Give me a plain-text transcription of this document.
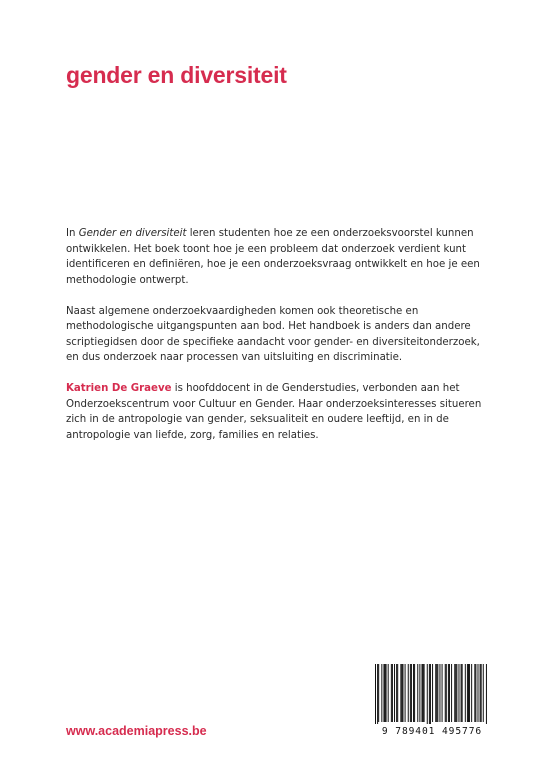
gender en diversiteit

In Gender en diversiteit leren studenten hoe ze een onderzoeksvoorstel kunnen ontwikkelen. Het boek toont hoe je een probleem dat onderzoek verdient kunt identificeren en definiëren, hoe je een onderzoeksvraag ontwikkelt en hoe je een methodologie ontwerpt.

Naast algemene onderzoekvaardigheden komen ook theoretische en methodologische uitgangspunten aan bod. Het handboek is anders dan andere scriptiegidsen door de specifieke aandacht voor gender- en diversiteitonderzoek, en dus onderzoek naar processen van uitsluiting en discriminatie.

Katrien De Graeve is hoofddocent in de Genderstudies, verbonden aan het Onderzoekscentrum voor Cultuur en Gender. Haar onderzoeksinteresses situeren zich in de antropologie van gender, seksualiteit en oudere leeftijd, en in de antropologie van liefde, zorg, families en relaties.

www.academiapress.be	9 789401 495776
